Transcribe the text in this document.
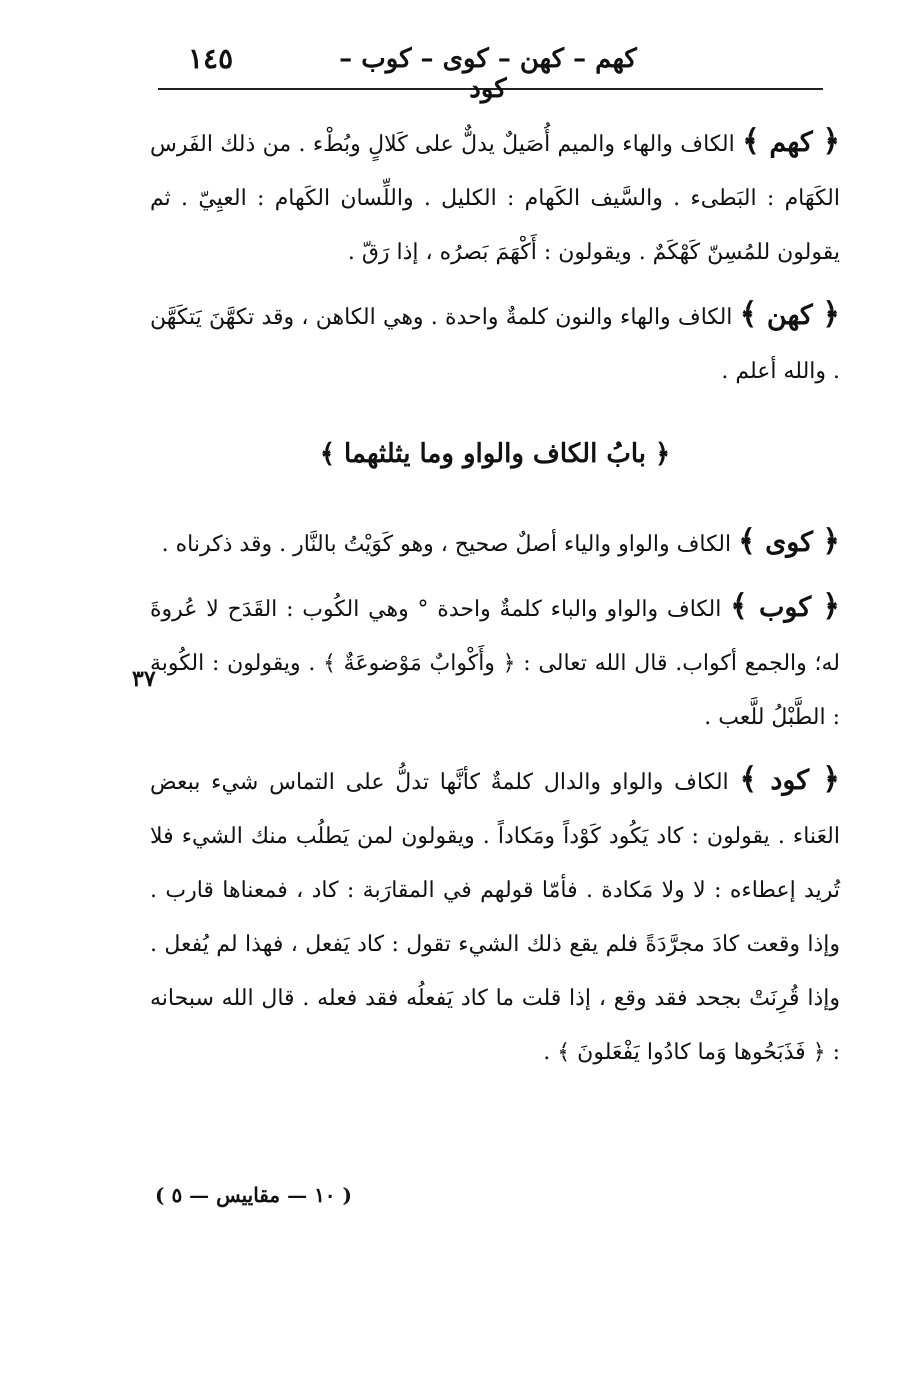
كهم – كهن – كوى – كوب – كود
١٤٥

﴿ كهم ﴾ الكاف والهاء والميم أُصَيلٌ يدلٌّ على كَلالٍ وبُطْء . من ذلك الفَرس الكَهَام : البَطىء . والسَّيف الكَهام : الكليل . واللِّسان الكَهام : العيِيّ . ثم يقولون للمُسِنّ كَهْكَمٌ . ويقولون : أَكْهَمَ بَصرُه ، إذا رَقّ .

﴿ كهن ﴾ الكاف والهاء والنون كلمةٌ واحدة . وهي الكاهن ، وقد تكهَّنَ يَتكَهَّن . والله أعلم .

﴿ بابُ الكاف والواو وما يثلثهما ﴾

﴿ كوى ﴾ الكاف والواو والياء أصلٌ صحيح ، وهو كَوَيْتُ بالنَّار . وقد ذكرناه .

﴿ كوب ﴾ الكاف والواو والباء كلمةٌ واحدة ° وهي الكُوب : القَدَح لا عُروةَ له؛ والجمع أكواب. قال الله تعالى : ﴿ وأَكْوابٌ مَوْضوعَةٌ ﴾ . ويقولون : الكُوبة : الطَّبْلُ للَّعب .

﴿ كود ﴾ الكاف والواو والدال كلمةٌ كأنَّها تدلُّ على التماس شيء ببعض العَناء . يقولون : كاد يَكُود كَوْداً ومَكاداً . ويقولون لمن يَطلُب منك الشيء فلا تُريد إعطاءه : لا ولا مَكادة . فأمّا قولهم في المقارَبة : كاد ، فمعناها قارب . وإذا وقعت كادَ مجرَّدَةً فلم يقع ذلك الشيء تقول : كاد يَفعل ، فهذا لم يُفعل . وإذا قُرِنَتْ بجحد فقد وقع ، إذا قلت ما كاد يَفعلُه فقد فعله . قال الله سبحانه : ﴿ فَذَبَحُوها وَما كادُوا يَفْعَلونَ ﴾ .

٣٧
( ١٠ — مقاييس — ٥ )
